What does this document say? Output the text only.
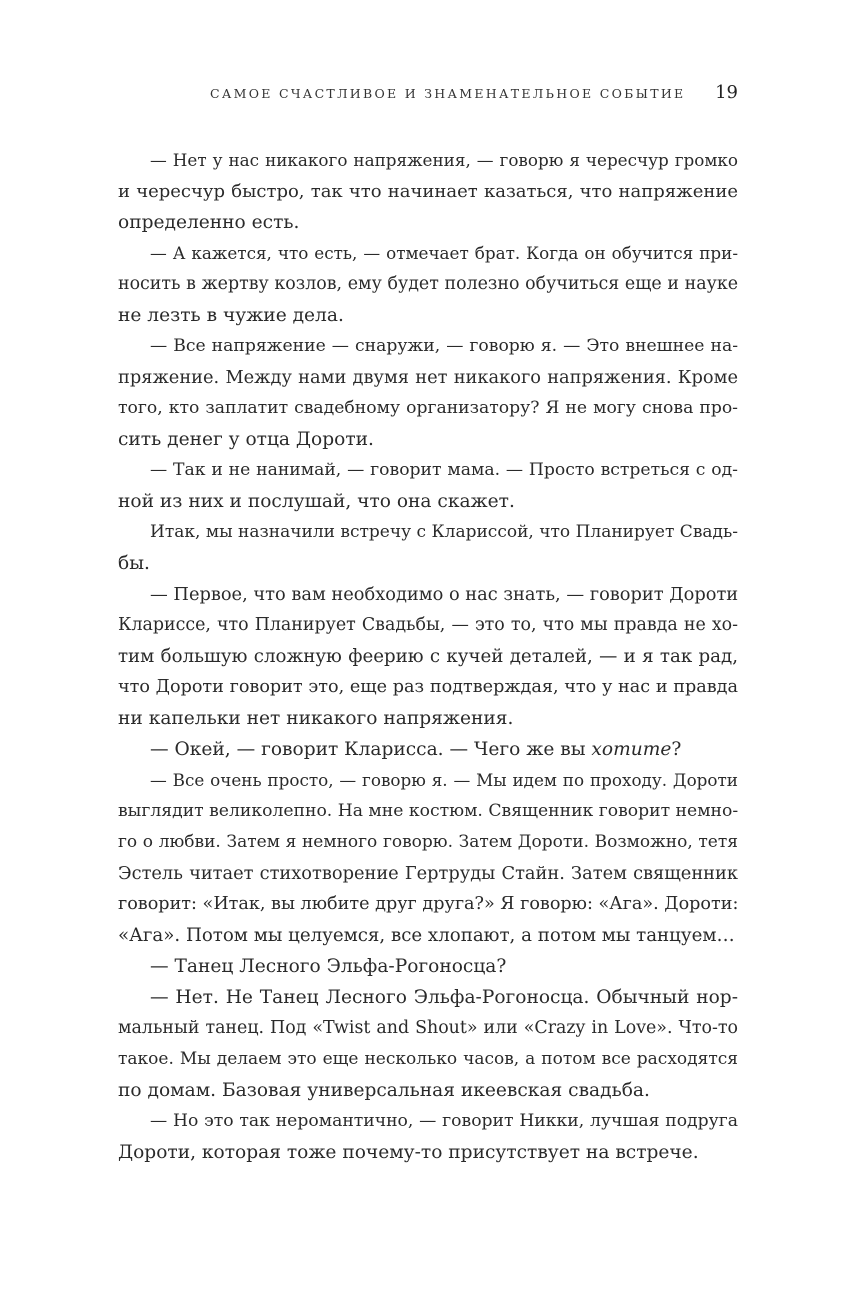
САМОЕ СЧАСТЛИВОЕ И ЗНАМЕНАТЕЛЬНОЕ СОБЫТИЕ 19
— Нет у нас никакого напряжения, — говорю я чересчур громко
и чересчур быстро, так что начинает казаться, что напряжение
определенно есть.
— А кажется, что есть, — отмечает брат. Когда он обучится при-
носить в жертву козлов, ему будет полезно обучиться еще и науке
не лезть в чужие дела.
— Все напряжение — снаружи, — говорю я. — Это внешнее на-
пряжение. Между нами двумя нет никакого напряжения. Кроме
того, кто заплатит свадебному организатору? Я не могу снова про-
сить денег у отца Дороти.
— Так и не нанимай, — говорит мама. — Просто встреться с од-
ной из них и послушай, что она скажет.
Итак, мы назначили встречу с Клариссой, что Планирует Свадь-
бы.
— Первое, что вам необходимо о нас знать, — говорит Дороти
Клариссе, что Планирует Свадьбы, — это то, что мы правда не хо-
тим большую сложную феерию с кучей деталей, — и я так рад,
что Дороти говорит это, еще раз подтверждая, что у нас и правда
ни капельки нет никакого напряжения.
— Окей, — говорит Кларисса. — Чего же вы хотите?
— Все очень просто, — говорю я. — Мы идем по проходу. Дороти
выглядит великолепно. На мне костюм. Священник говорит немно-
го о любви. Затем я немного говорю. Затем Дороти. Возможно, тетя
Эстель читает стихотворение Гертруды Стайн. Затем священник
говорит: «Итак, вы любите друг друга?» Я говорю: «Ага». Дороти:
«Ага». Потом мы целуемся, все хлопают, а потом мы танцуем…
— Танец Лесного Эльфа-Рогоносца?
— Нет. Не Танец Лесного Эльфа-Рогоносца. Обычный нор-
мальный танец. Под «Twist and Shout» или «Crazy in Love». Что-то
такое. Мы делаем это еще несколько часов, а потом все расходятся
по домам. Базовая универсальная икеевская свадьба.
— Но это так неромантично, — говорит Никки, лучшая подруга
Дороти, которая тоже почему-то присутствует на встрече.
